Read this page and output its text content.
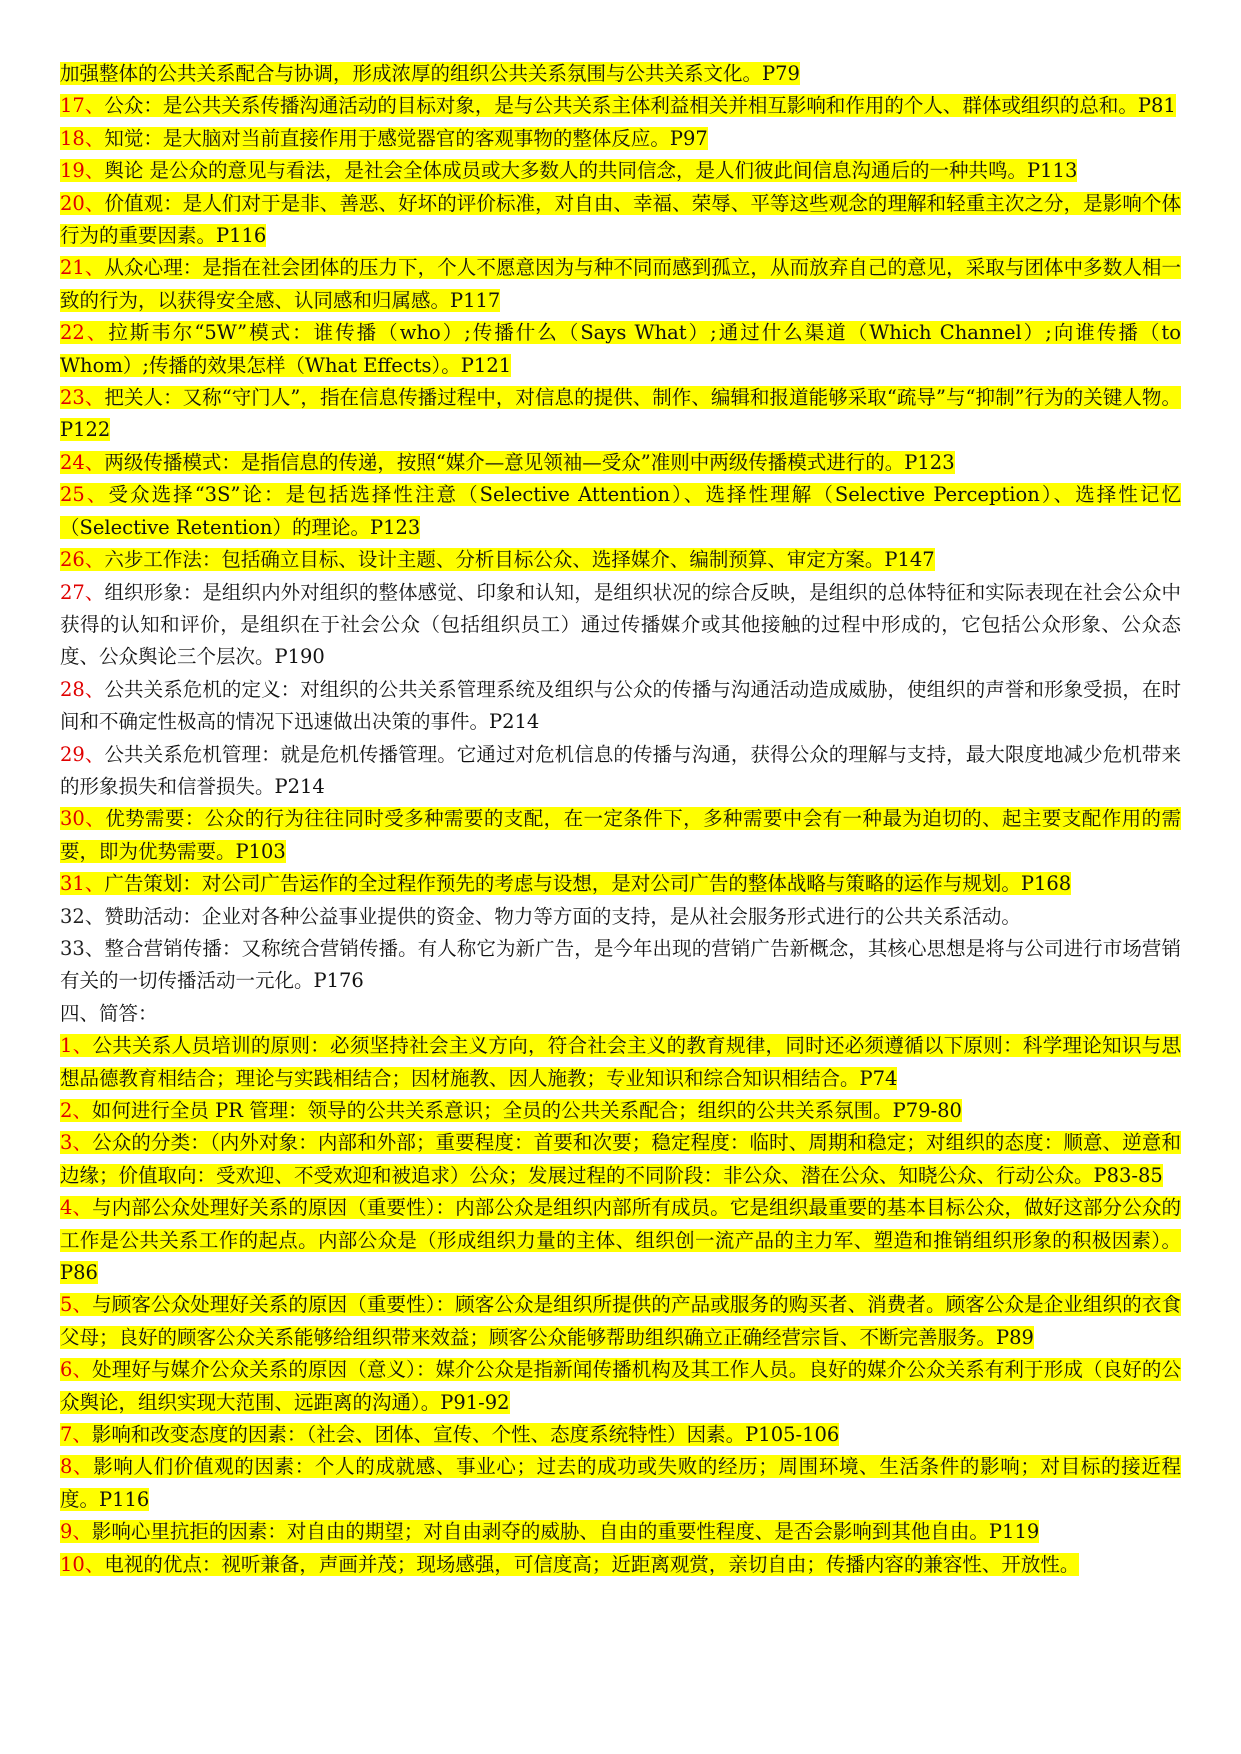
加强整体的公共关系配合与协调，形成浓厚的组织公共关系氛围与公共关系文化。P79

17、公众：是公共关系传播沟通活动的目标对象，是与公共关系主体利益相关并相互影响和作用的个人、群体或组织的总和。P81

18、知觉：是大脑对当前直接作用于感觉器官的客观事物的整体反应。P97

19、舆论 是公众的意见与看法，是社会全体成员或大多数人的共同信念，是人们彼此间信息沟通后的一种共鸣。P113

20、价值观：是人们对于是非、善恶、好坏的评价标准，对自由、幸福、荣辱、平等这些观念的理解和轻重主次之分，是影响个体行为的重要因素。P116

21、从众心理：是指在社会团体的压力下，个人不愿意因为与种不同而感到孤立，从而放弃自己的意见，采取与团体中多数人相一致的行为，以获得安全感、认同感和归属感。P117

22、拉斯韦尔“5W”模式：谁传播（who）;传播什么（Says What）;通过什么渠道（Which Channel）;向谁传播（to Whom）;传播的效果怎样（What Effects）。P121

23、把关人：又称“守门人”，指在信息传播过程中，对信息的提供、制作、编辑和报道能够采取“疏导”与“抑制”行为的关键人物。P122

24、两级传播模式：是指信息的传递，按照“媒介—意见领袖—受众”准则中两级传播模式进行的。P123

25、受众选择“3S”论：是包括选择性注意（Selective Attention）、选择性理解（Selective Perception）、选择性记忆（Selective Retention）的理论。P123

26、六步工作法：包括确立目标、设计主题、分析目标公众、选择媒介、编制预算、审定方案。P147

27、组织形象：是组织内外对组织的整体感觉、印象和认知，是组织状况的综合反映，是组织的总体特征和实际表现在社会公众中获得的认知和评价，是组织在于社会公众（包括组织员工）通过传播媒介或其他接触的过程中形成的，它包括公众形象、公众态度、公众舆论三个层次。P190

28、公共关系危机的定义：对组织的公共关系管理系统及组织与公众的传播与沟通活动造成威胁，使组织的声誉和形象受损，在时间和不确定性极高的情况下迅速做出决策的事件。P214

29、公共关系危机管理：就是危机传播管理。它通过对危机信息的传播与沟通，获得公众的理解与支持，最大限度地减少危机带来的形象损失和信誉损失。P214

30、优势需要：公众的行为往往同时受多种需要的支配，在一定条件下，多种需要中会有一种最为迫切的、起主要支配作用的需要，即为优势需要。P103

31、广告策划：对公司广告运作的全过程作预先的考虑与设想，是对公司广告的整体战略与策略的运作与规划。P168

32、赞助活动：企业对各种公益事业提供的资金、物力等方面的支持，是从社会服务形式进行的公共关系活动。

33、整合营销传播：又称统合营销传播。有人称它为新广告，是今年出现的营销广告新概念，其核心思想是将与公司进行市场营销有关的一切传播活动一元化。P176

四、简答：

1、公共关系人员培训的原则：必须坚持社会主义方向，符合社会主义的教育规律，同时还必须遵循以下原则：科学理论知识与思想品德教育相结合；理论与实践相结合；因材施教、因人施教；专业知识和综合知识相结合。P74

2、如何进行全员 PR 管理：领导的公共关系意识；全员的公共关系配合；组织的公共关系氛围。P79-80

3、公众的分类：（内外对象：内部和外部；重要程度：首要和次要；稳定程度：临时、周期和稳定；对组织的态度：顺意、逆意和边缘；价值取向：受欢迎、不受欢迎和被追求）公众；发展过程的不同阶段：非公众、潜在公众、知晓公众、行动公众。P83-85

4、与内部公众处理好关系的原因（重要性）：内部公众是组织内部所有成员。它是组织最重要的基本目标公众，做好这部分公众的工作是公共关系工作的起点。内部公众是（形成组织力量的主体、组织创一流产品的主力军、塑造和推销组织形象的积极因素）。P86

5、与顾客公众处理好关系的原因（重要性）：顾客公众是组织所提供的产品或服务的购买者、消费者。顾客公众是企业组织的衣食父母；良好的顾客公众关系能够给组织带来效益；顾客公众能够帮助组织确立正确经营宗旨、不断完善服务。P89

6、处理好与媒介公众关系的原因（意义）：媒介公众是指新闻传播机构及其工作人员。良好的媒介公众关系有利于形成（良好的公众舆论，组织实现大范围、远距离的沟通）。P91-92

7、影响和改变态度的因素：（社会、团体、宣传、个性、态度系统特性）因素。P105-106

8、影响人们价值观的因素：个人的成就感、事业心；过去的成功或失败的经历；周围环境、生活条件的影响；对目标的接近程度。P116

9、影响心里抗拒的因素：对自由的期望；对自由剥夺的威胁、自由的重要性程度、是否会影响到其他自由。P119

10、电视的优点：视听兼备，声画并茂；现场感强，可信度高；近距离观赏，亲切自由；传播内容的兼容性、开放性。
